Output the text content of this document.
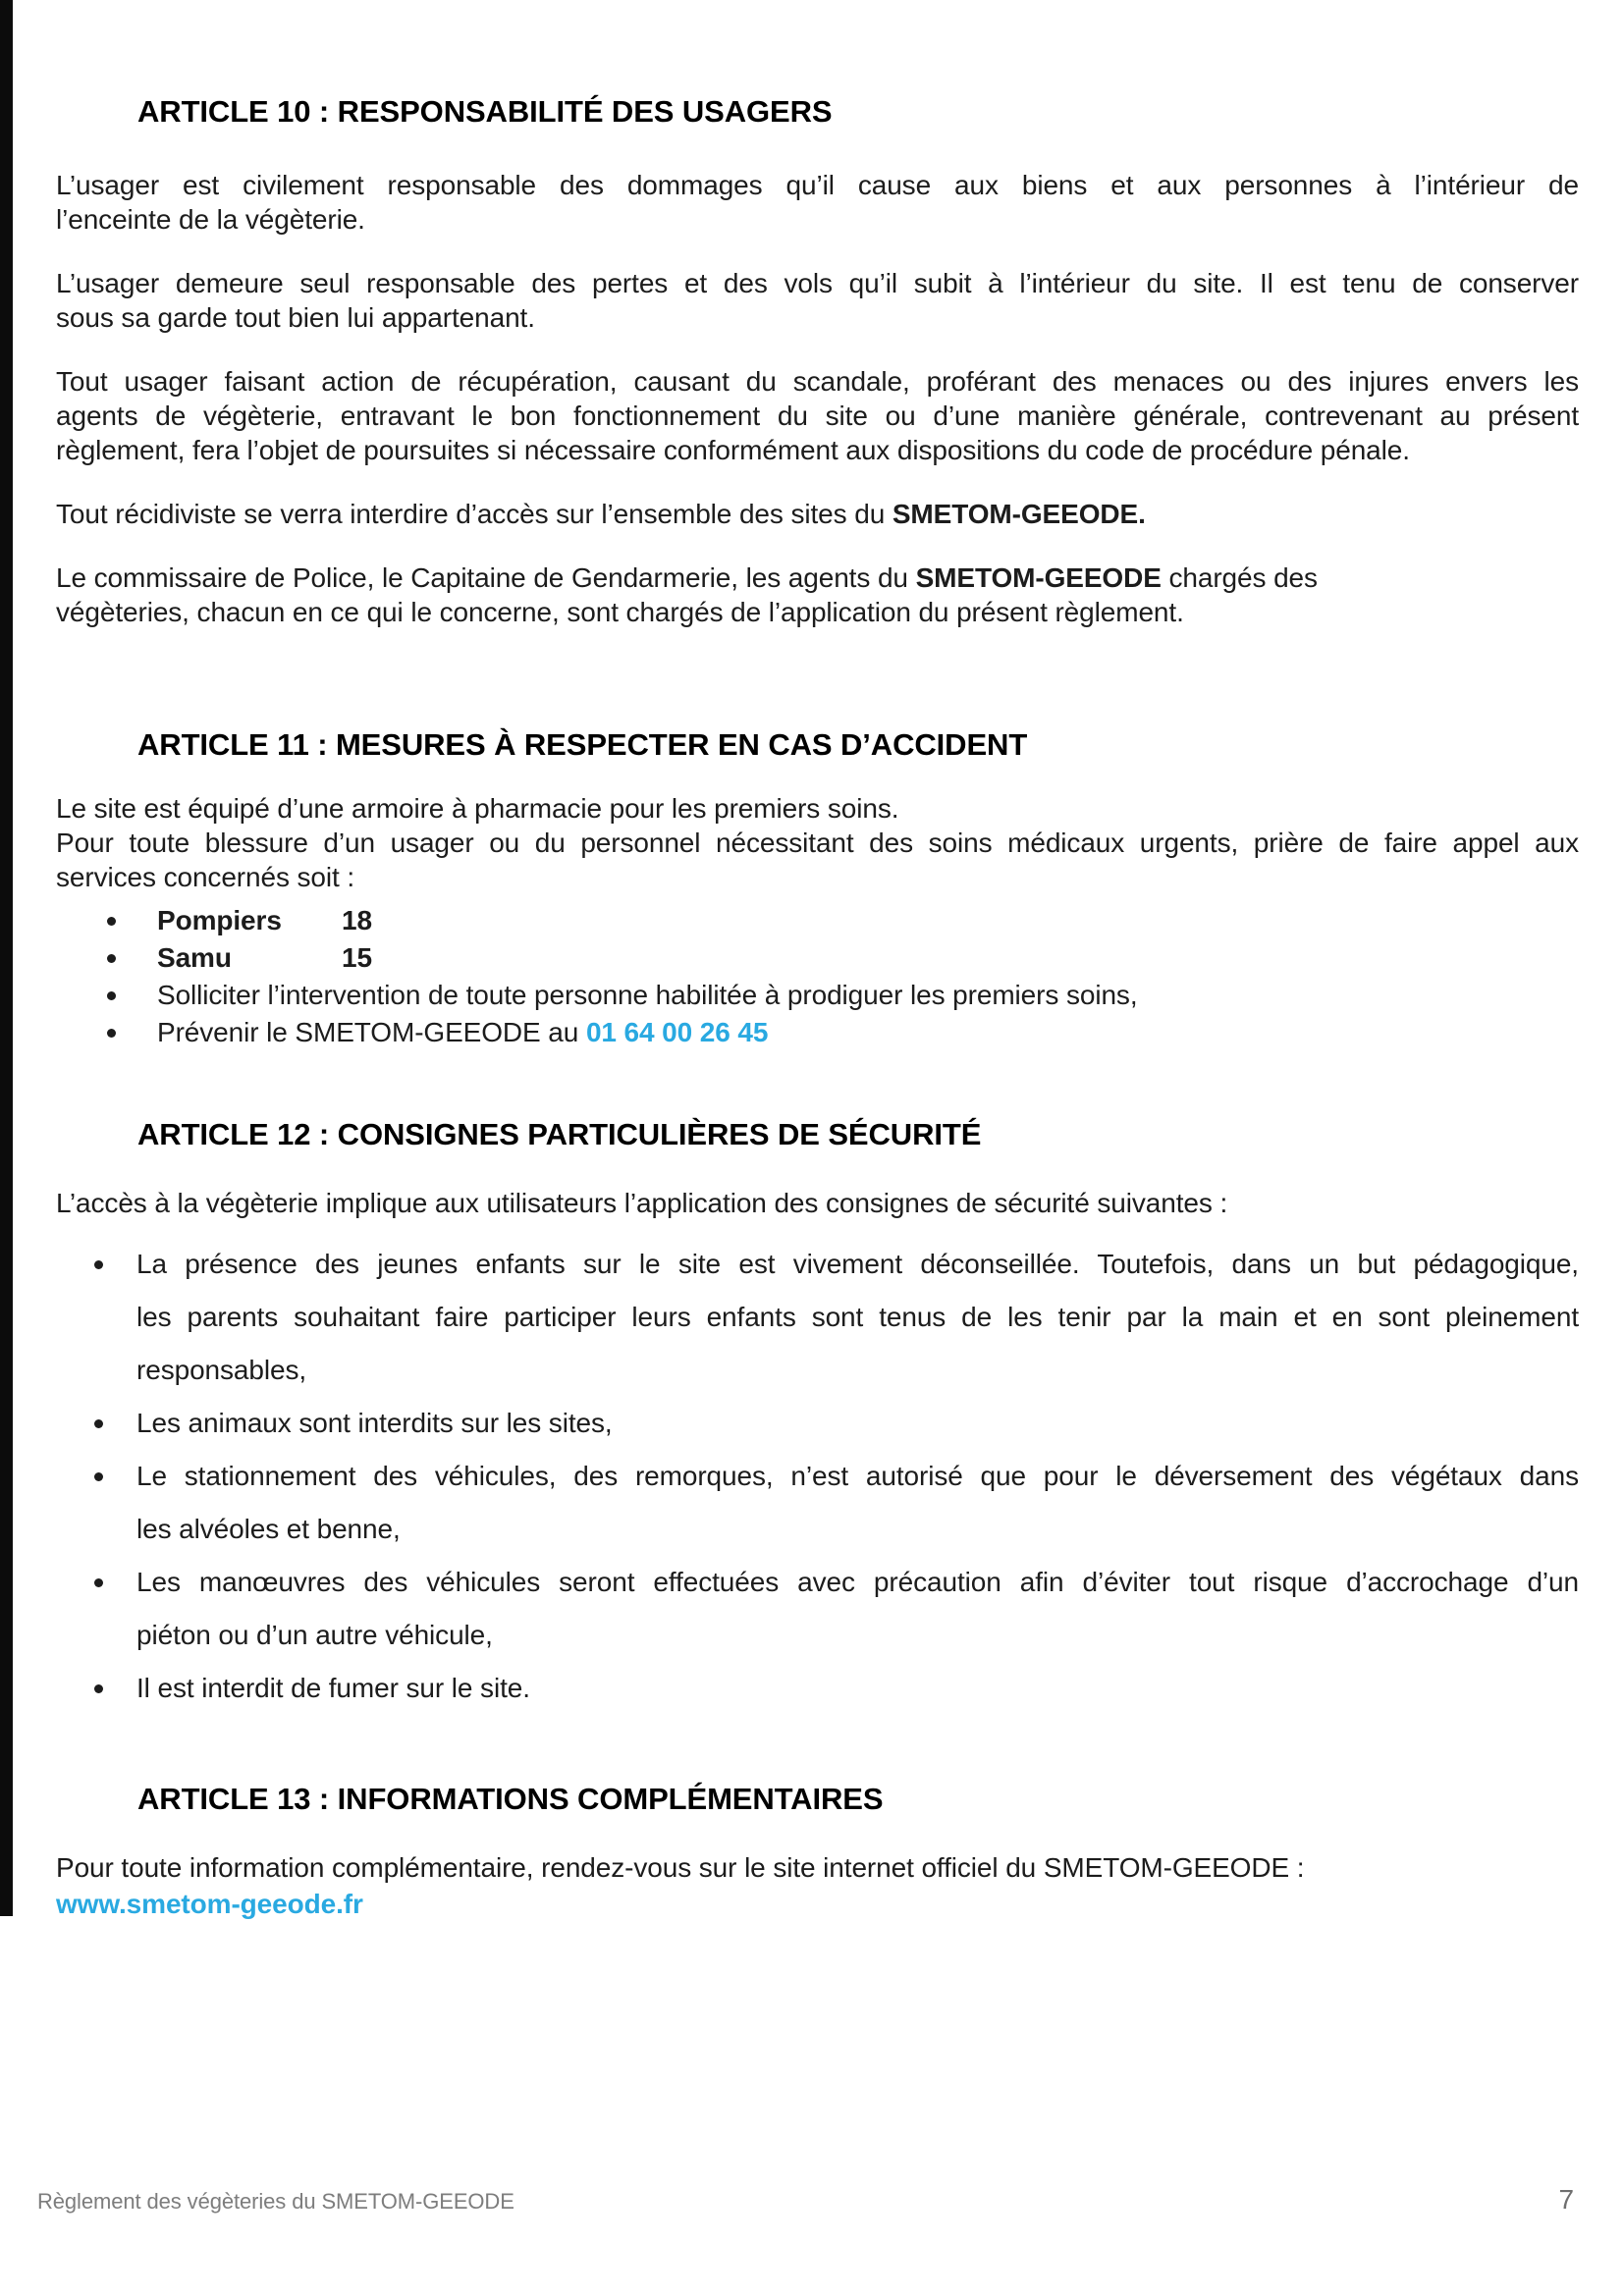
ARTICLE 10 : RESPONSABILITÉ DES USAGERS
L’usager est civilement responsable des dommages qu’il cause aux biens et aux personnes à l’intérieur de
l’enceinte de la végèterie.
L’usager demeure seul responsable des pertes et des vols qu’il subit à l’intérieur du site. Il est tenu de conserver
sous sa garde tout bien lui appartenant.
Tout usager faisant action de récupération, causant du scandale, proférant des menaces ou des injures envers les
agents de végèterie, entravant le bon fonctionnement du site ou d’une manière générale, contrevenant au présent
règlement, fera l’objet de poursuites si nécessaire conformément aux dispositions du code de procédure pénale.
Tout récidiviste se verra interdire d’accès sur l’ensemble des sites du SMETOM-GEEODE.
Le commissaire de Police, le Capitaine de Gendarmerie, les agents du SMETOM-GEEODE chargés des
végèteries, chacun en ce qui le concerne, sont chargés de l’application du présent règlement.
ARTICLE 11 : MESURES À RESPECTER EN CAS D’ACCIDENT
Le site est équipé d’une armoire à pharmacie pour les premiers soins.
Pour toute blessure d’un usager ou du personnel nécessitant des soins médicaux urgents, prière de faire appel aux
services concernés soit :
Pompiers 18
Samu	15
Solliciter l’intervention de toute personne habilitée à prodiguer les premiers soins,
Prévenir le SMETOM-GEEODE au 01 64 00 26 45
ARTICLE 12 : CONSIGNES PARTICULIÈRES DE SÉCURITÉ
L’accès à la végèterie implique aux utilisateurs l’application des consignes de sécurité suivantes :
La présence des jeunes enfants sur le site est vivement déconseillée. Toutefois, dans un but pédagogique,
les parents souhaitant faire participer leurs enfants sont tenus de les tenir par la main et en sont pleinement
responsables,
Les animaux sont interdits sur les sites,
Le stationnement des véhicules, des remorques, n’est autorisé que pour le déversement des végétaux dans
les alvéoles et benne,
Les manœuvres des véhicules seront effectuées avec précaution afin d’éviter tout risque d’accrochage d’un
piéton ou d’un autre véhicule,
Il est interdit de fumer sur le site.
ARTICLE 13 : INFORMATIONS COMPLÉMENTAIRES
Pour toute information complémentaire, rendez-vous sur le site internet officiel du SMETOM-GEEODE :
www.smetom-geeode.fr
Règlement des végèteries du SMETOM-GEEODE	7
